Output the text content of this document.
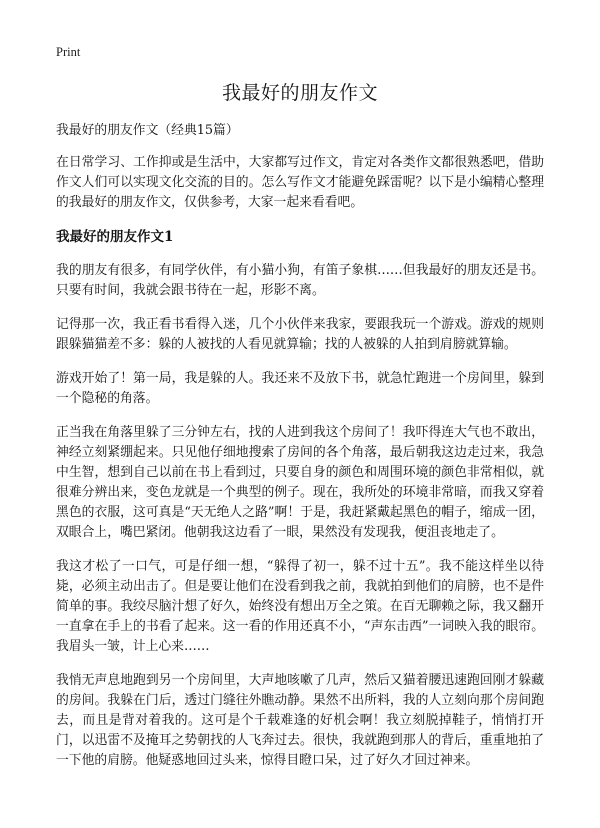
Print
我最好的朋友作文

我最好的朋友作文（经典15篇）

在日常学习、工作抑或是生活中，大家都写过作文，肯定对各类作文都很熟悉吧，借助作文人们可以实现文化交流的目的。怎么写作文才能避免踩雷呢？以下是小编精心整理的我最好的朋友作文，仅供参考，大家一起来看看吧。

我最好的朋友作文1

我的朋友有很多，有同学伙伴，有小猫小狗，有笛子象棋……但我最好的朋友还是书。只要有时间，我就会跟书待在一起，形影不离。

记得那一次，我正看书看得入迷，几个小伙伴来我家，要跟我玩一个游戏。游戏的规则跟躲猫猫差不多：躲的人被找的人看见就算输；找的人被躲的人拍到肩膀就算输。

游戏开始了！第一局，我是躲的人。我还来不及放下书，就急忙跑进一个房间里，躲到一个隐秘的角落。

正当我在角落里躲了三分钟左右，找的人进到我这个房间了！我吓得连大气也不敢出，神经立刻紧绷起来。只见他仔细地搜索了房间的各个角落，最后朝我这边走过来，我急中生智，想到自己以前在书上看到过，只要自身的颜色和周围环境的颜色非常相似，就很难分辨出来，变色龙就是一个典型的例子。现在，我所处的环境非常暗，而我又穿着黑色的衣服，这可真是“天无绝人之路”啊！于是，我赶紧戴起黑色的帽子，缩成一团，双眼合上，嘴巴紧闭。他朝我这边看了一眼，果然没有发现我，便沮丧地走了。

我这才松了一口气，可是仔细一想，“躲得了初一，躲不过十五”。我不能这样坐以待毙，必须主动出击了。但是要让他们在没看到我之前，我就拍到他们的肩膀，也不是件简单的事。我绞尽脑汁想了好久，始终没有想出万全之策。在百无聊赖之际，我又翻开一直拿在手上的书看了起来。这一看的作用还真不小，“声东击西”一词映入我的眼帘。我眉头一皱，计上心来……

我悄无声息地跑到另一个房间里，大声地咳嗽了几声，然后又猫着腰迅速跑回刚才躲藏的房间。我躲在门后，透过门缝往外瞧动静。果然不出所料，我的人立刻向那个房间跑去，而且是背对着我的。这可是个千载难逢的好机会啊！我立刻脱掉鞋子，悄悄打开门，以迅雷不及掩耳之势朝找的人飞奔过去。很快，我就跑到那人的背后，重重地拍了一下他的肩膀。他疑惑地回过头来，惊得目瞪口呆，过了好久才回过神来。
